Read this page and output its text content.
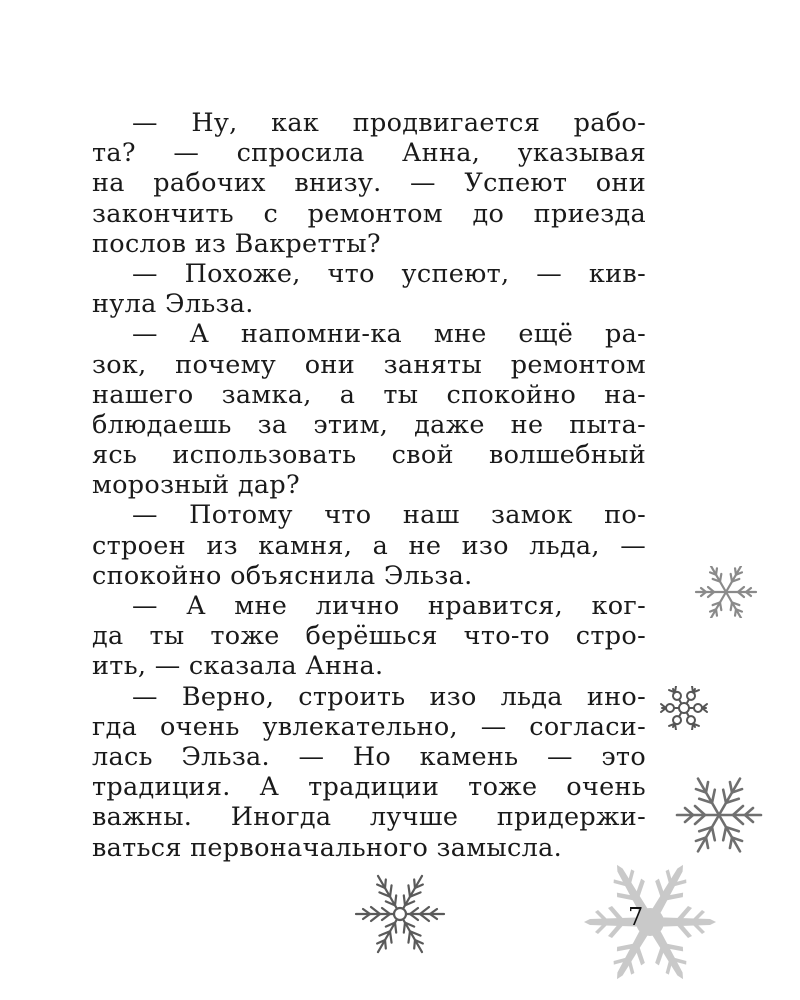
— Ну, как продвигается рабо-
та? — спросила Анна, указывая
на рабочих внизу. — Успеют они
закончить с ремонтом до приезда
послов из Вакретты?
— Похоже, что успеют, — кив-
нула Эльза.
— А напомни-ка мне ещё ра-
зок, почему они заняты ремонтом
нашего замка, а ты спокойно на-
блюдаешь за этим, даже не пыта-
ясь использовать свой волшебный
морозный дар?
— Потому что наш замок по-
строен из камня, а не изо льда, —
спокойно объяснила Эльза.
— А мне лично нравится, ког-
да ты тоже берёшься что-то стро-
ить, — сказала Анна.
— Верно, строить изо льда ино-
гда очень увлекательно, — согласи-
лась Эльза. — Но камень — это
традиция. А традиции тоже очень
важны. Иногда лучше придержи-
ваться первоначального замысла.
7
